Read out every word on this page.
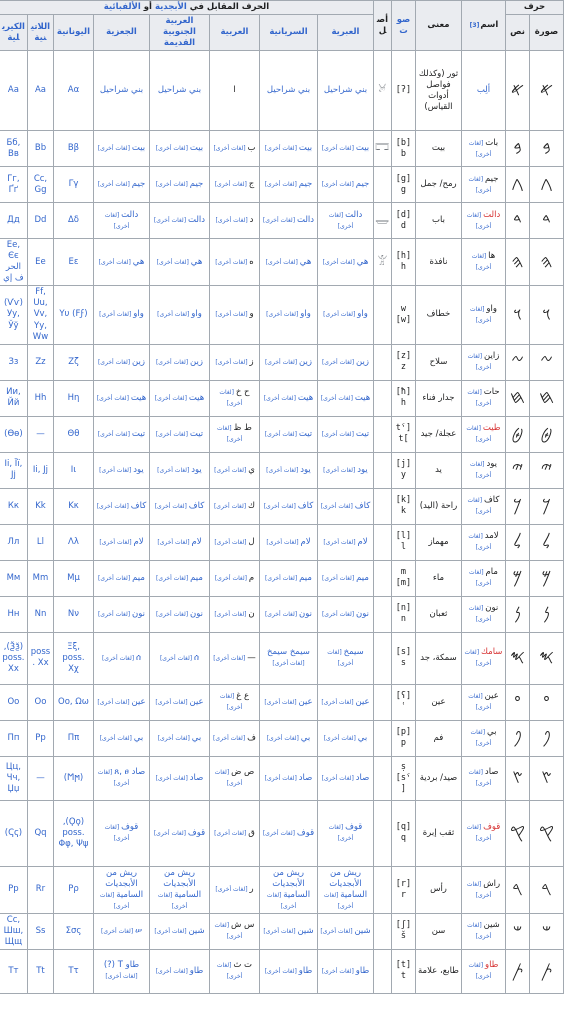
حرف		اسم[3]	معنى	صوت	أصل	الحرف المقابل في الأبجدية أو الألفبائية							
صورة	نص					العبرية	السريانية	العربية	العربية الجنوبية القديمة	الجعزية	اليونانية	اللاتينية	الكيريلية
𐤀	𐤀	ألِب	ثور (وكذلك فواصل أدوات القياس)	[ʔ]	𓃾	بني شراحيل	بني شراحيل	ا	بني شراحيل	بني شراحيل	Αα	Aa	Aa
𐤁	𐤁	بات [لغات أخرى]	بيت	[b]b	𓉐	بيت [لغات أخرى]	بيت [لغات أخرى]	ب [لغات أخرى]	بيت [لغات أخرى]	بيت [لغات أخرى]	Ββ	Bb	Бб, Вв
𐤂	𐤂	جيم [لغات أخرى]	رمح/ جمل	[g]g		جيم [لغات أخرى]	جيم [لغات أخرى]	ج [لغات أخرى]	جيم [لغات أخرى]	جيم [لغات أخرى]	Γγ	Cc, Gg	Гг, Ґґ
𐤃	𐤃	دالت [لغات أخرى]	باب	[d]d	𓉿	دالت [لغات أخرى]	دالت [لغات أخرى]	د [لغات أخرى]	دالت [لغات أخرى]	دالت [لغات أخرى]	Δδ	Dd	Дд
𐤄	𐤄	ها [لغات أخرى]	نافذة	[h]h	𓀠	هي [لغات أخرى]	هي [لغات أخرى]	ه [لغات أخرى]	هي [لغات أخرى]	هي [لغات أخرى]	Εε	Ee	Ее, Єє الحرف إي
𐤅	𐤅	واو [لغات أخرى]	خطاف	w [w]		واو [لغات أخرى]	واو [لغات أخرى]	و [لغات أخرى]	واو [لغات أخرى]	واو [لغات أخرى]	(Ϝϝ) Yυ	Ff, Uu, Vv, Yy, Ww	(Ѵѵ) Уу, Ўў
𐤆	𐤆	زاين [لغات أخرى]	سلاح	[z]z		زين [لغات أخرى]	زين [لغات أخرى]	ز [لغات أخرى]	زين [لغات أخرى]	زين [لغات أخرى]	Ζζ	Zz	Зз
𐤇	𐤇	حات [لغات أخرى]	جدار فناء	[ħ]h		هيت [لغات أخرى]	هيت [لغات أخرى]	ح خ [لغات أخرى]	هيت [لغات أخرى]	هيت [لغات أخرى]	Ηη	Hh	Ии, Йй
𐤈	𐤈	طيت [لغات أخرى]	عجلة/ جيد	[tˤ]t		تيت [لغات أخرى]	تيت [لغات أخرى]	ط ظ [لغات أخرى]	تيت [لغات أخرى]	تيت [لغات أخرى]	Θθ	—	(Ѳѳ)
𐤉	𐤉	يود [لغات أخرى]	يد	[j]y		يود [لغات أخرى]	يود [لغات أخرى]	ي [لغات أخرى]	يود [لغات أخرى]	يود [لغات أخرى]	Iι	Ii, Jj	Іі, Її, Јј
𐤊	𐤊	كاف [لغات أخرى]	راحة (اليد)	[k]k		كاف [لغات أخرى]	كاف [لغات أخرى]	ك [لغات أخرى]	كاف [لغات أخرى]	كاف [لغات أخرى]	Κκ	Kk	Кк
𐤋	𐤋	لامد [لغات أخرى]	مهماز	[l]l		لام [لغات أخرى]	لام [لغات أخرى]	ل [لغات أخرى]	لام [لغات أخرى]	لام [لغات أخرى]	Λλ	Ll	Лл
𐤌	𐤌	مام [لغات أخرى]	ماء	m [m]		ميم [لغات أخرى]	ميم [لغات أخرى]	م [لغات أخرى]	ميم [لغات أخرى]	ميم [لغات أخرى]	Μμ	Mm	Мм
𐤍	𐤍	نون [لغات أخرى]	ثعبان	[n]n		نون [لغات أخرى]	نون [لغات أخرى]	ن [لغات أخرى]	نون [لغات أخرى]	نون [لغات أخرى]	Νν	Nn	Нн
𐤎	𐤎	سامك [لغات أخرى]	سمكة، جد	[s]s		سيمخ [لغات أخرى]	سيمخ سيمخ [لغات أخرى]	— [لغات أخرى]	ሰ [لغات أخرى]	ሰ [لغات أخرى]	Ξξ, poss. Χχ	poss. Xx	(Ѯѯ), poss. Хх
𐤏	𐤏	عين [لغات أخرى]	عين	[ʕ]ʿ		عين [لغات أخرى]	عين [لغات أخرى]	ع غ [لغات أخرى]	عين [لغات أخرى]	عين [لغات أخرى]	Οο, Ωω	Oo	Оо
𐤐	𐤐	بي [لغات أخرى]	فم	[p]p		بي [لغات أخرى]	بي [لغات أخرى]	ف [لغات أخرى]	بي [لغات أخرى]	بي [لغات أخرى]	Ππ	Pp	Пп
𐤑	𐤑	صاد [لغات أخرى]	صيد/ بردية	ṣ [sˤ]		صاد [لغات أخرى]	صاد [لغات أخرى]	ص ض [لغات أخرى]	صاد [لغات أخرى]	صاد ጸ, ፀ [لغات أخرى]	(Ϻϻ)	—	Цц, Чч, Џџ
𐤒	𐤒	قوف [لغات أخرى]	ثقب إبرة	[q]q		قوف [لغات أخرى]	قوف [لغات أخرى]	ق [لغات أخرى]	قوف [لغات أخرى]	قوف [لغات أخرى]	(Ϙϙ), poss. Φφ, Ψψ	Qq	(Ҁҁ)
𐤓	𐤓	راش [لغات أخرى]	رأس	[r]r		ريش من الأبجديات السامية [لغات أخرى]	ريش من الأبجديات السامية [لغات أخرى]	ر [لغات أخرى]	ريش من الأبجديات السامية [لغات أخرى]	ريش من الأبجديات السامية [لغات أخرى]	Ρρ	Rr	Рр
𐤔	𐤔	شين [لغات أخرى]	سن	[ʃ]š		شين [لغات أخرى]	شين [لغات أخرى]	س ش [لغات أخرى]	شين [لغات أخرى]	ሠ [لغات أخرى]	Σσς	Ss	Сс, Шш, Щщ
𐤕	𐤕	طاو [لغات أخرى]	طابع، علامة	[t]t		طاو [لغات أخرى]	طاو [لغات أخرى]	ت ث [لغات أخرى]	طاو [لغات أخرى]	طاو T (?) [لغات أخرى]	Ττ	Tt	Тт
